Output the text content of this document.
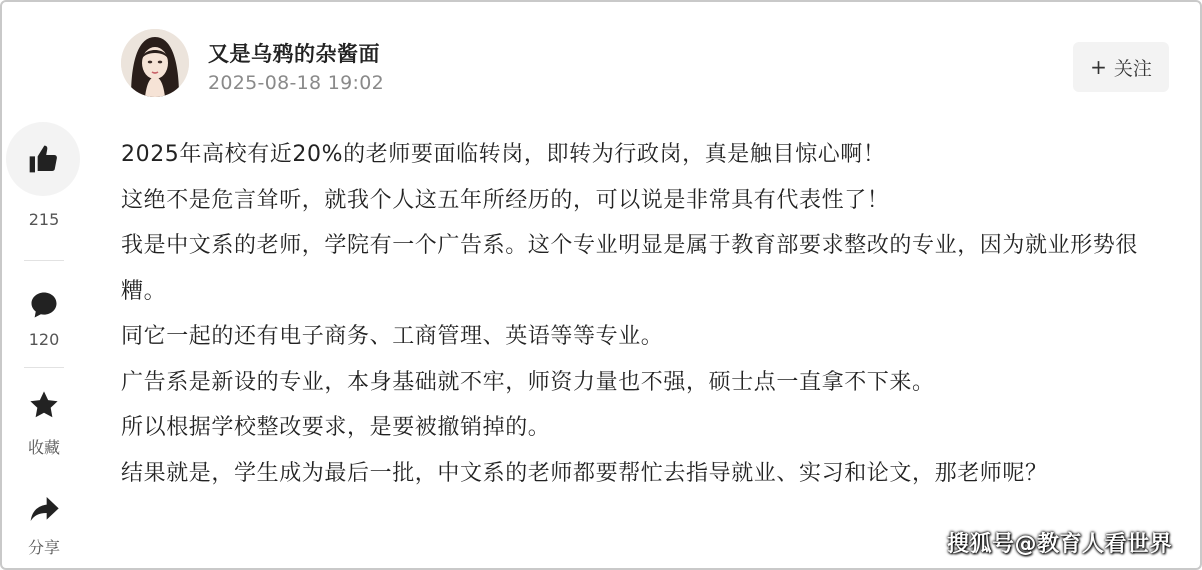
又是乌鸦的杂酱面
2025-08-18 19:02
+ 关注
215
120
收藏
分享

2025年高校有近20%的老师要面临转岗，即转为行政岗，真是触目惊心啊！

这绝不是危言耸听，就我个人这五年所经历的，可以说是非常具有代表性了！

我是中文系的老师，学院有一个广告系。这个专业明显是属于教育部要求整改的专业，因为就业形势很糟。

同它一起的还有电子商务、工商管理、英语等等专业。

广告系是新设的专业，本身基础就不牢，师资力量也不强，硕士点一直拿不下来。

所以根据学校整改要求，是要被撤销掉的。

结果就是，学生成为最后一批，中文系的老师都要帮忙去指导就业、实习和论文，那老师呢？

搜狐号@教育人看世界
